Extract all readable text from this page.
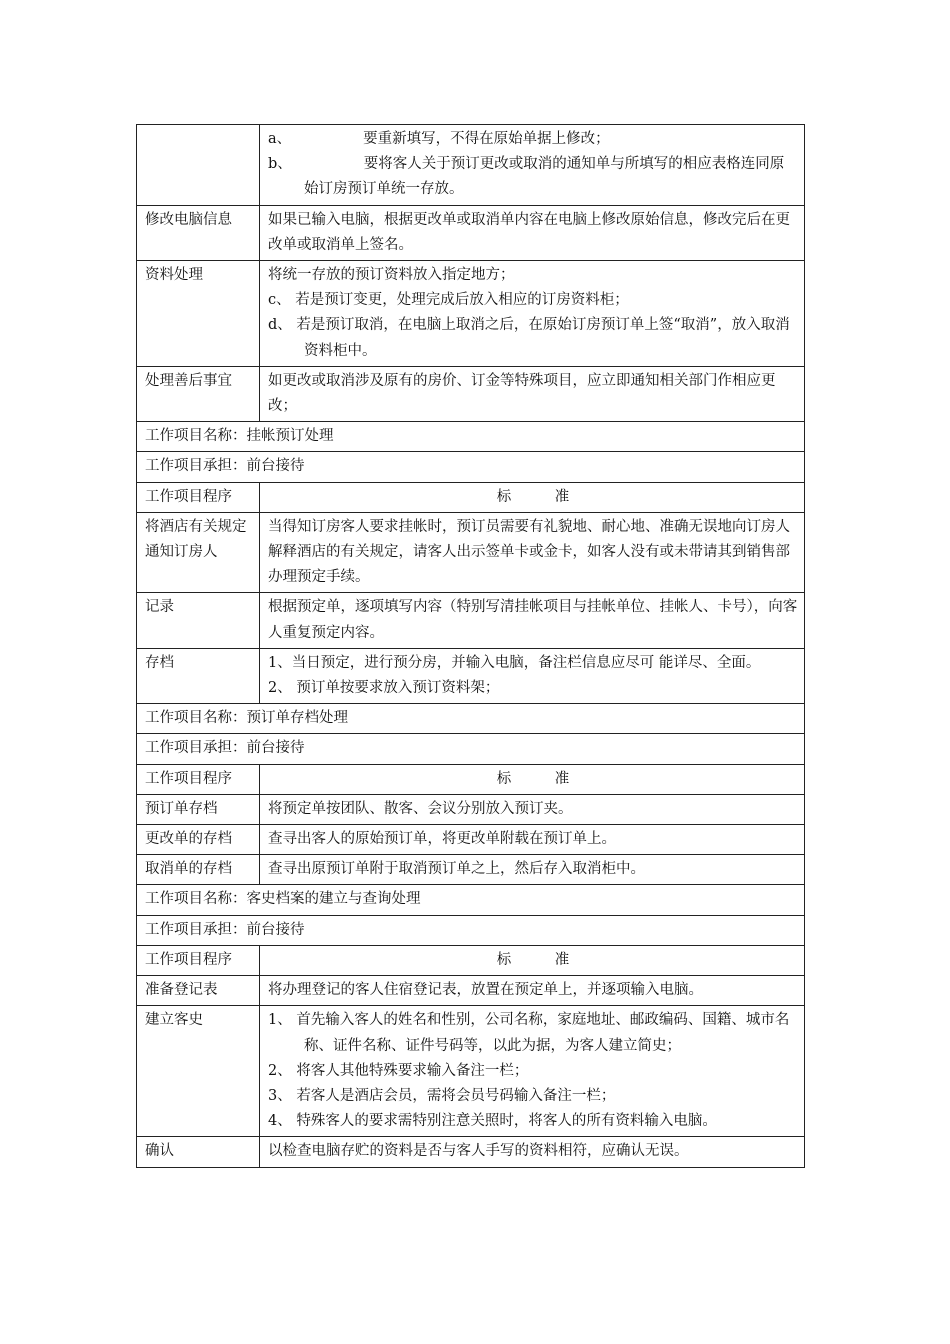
	a、 要重新填写，不得在原始单据上修改；
b、 要将客人关于预订更改或取消的通知单与所填写的相应表格连同原始订房预订单统一存放。

修改电脑信息	如果已输入电脑，根据更改单或取消单内容在电脑上修改原始信息，修改完后在更改单或取消单上签名。
资料处理	将统一存放的预订资料放入指定地方；
c、 若是预订变更，处理完成后放入相应的订房资料柜；
d、 若是预订取消，在电脑上取消之后，在原始订房预订单上签“取消”，放入取消资料柜中。

处理善后事宜	如更改或取消涉及原有的房价、订金等特殊项目，应立即通知相关部门作相应更改；
工作项目名称：挂帐预订处理	
工作项目承担：前台接待	
工作项目程序	标准

将酒店有关规定通知订房人	当得知订房客人要求挂帐时，预订员需要有礼貌地、耐心地、准确无误地向订房人解释酒店的有关规定，请客人出示签单卡或金卡，如客人没有或未带请其到销售部办理预定手续。
记录	根据预定单，逐项填写内容（特别写清挂帐项目与挂帐单位、挂帐人、卡号），向客人重复预定内容。
存档	1、当日预定，进行预分房，并输入电脑，备注栏信息应尽可 能详尽、全面。
2、 预订单按要求放入预订资料架；

工作项目名称：预订单存档处理	
工作项目承担：前台接待	
工作项目程序	标准

预订单存档	将预定单按团队、散客、会议分别放入预订夹。
更改单的存档	查寻出客人的原始预订单，将更改单附载在预订单上。
取消单的存档	查寻出原预订单附于取消预订单之上，然后存入取消柜中。
工作项目名称：客史档案的建立与查询处理	
工作项目承担：前台接待	
工作项目程序	标准

准备登记表	将办理登记的客人住宿登记表，放置在预定单上，并逐项输入电脑。
建立客史	1、 首先输入客人的姓名和性别，公司名称，家庭地址、邮政编码、国籍、城市名称、证件名称、证件号码等，以此为据，为客人建立简史；
2、 将客人其他特殊要求输入备注一栏；
3、 若客人是酒店会员，需将会员号码输入备注一栏；
4、 特殊客人的要求需特别注意关照时，将客人的所有资料输入电脑。

确认	以检查电脑存贮的资料是否与客人手写的资料相符，应确认无误。
